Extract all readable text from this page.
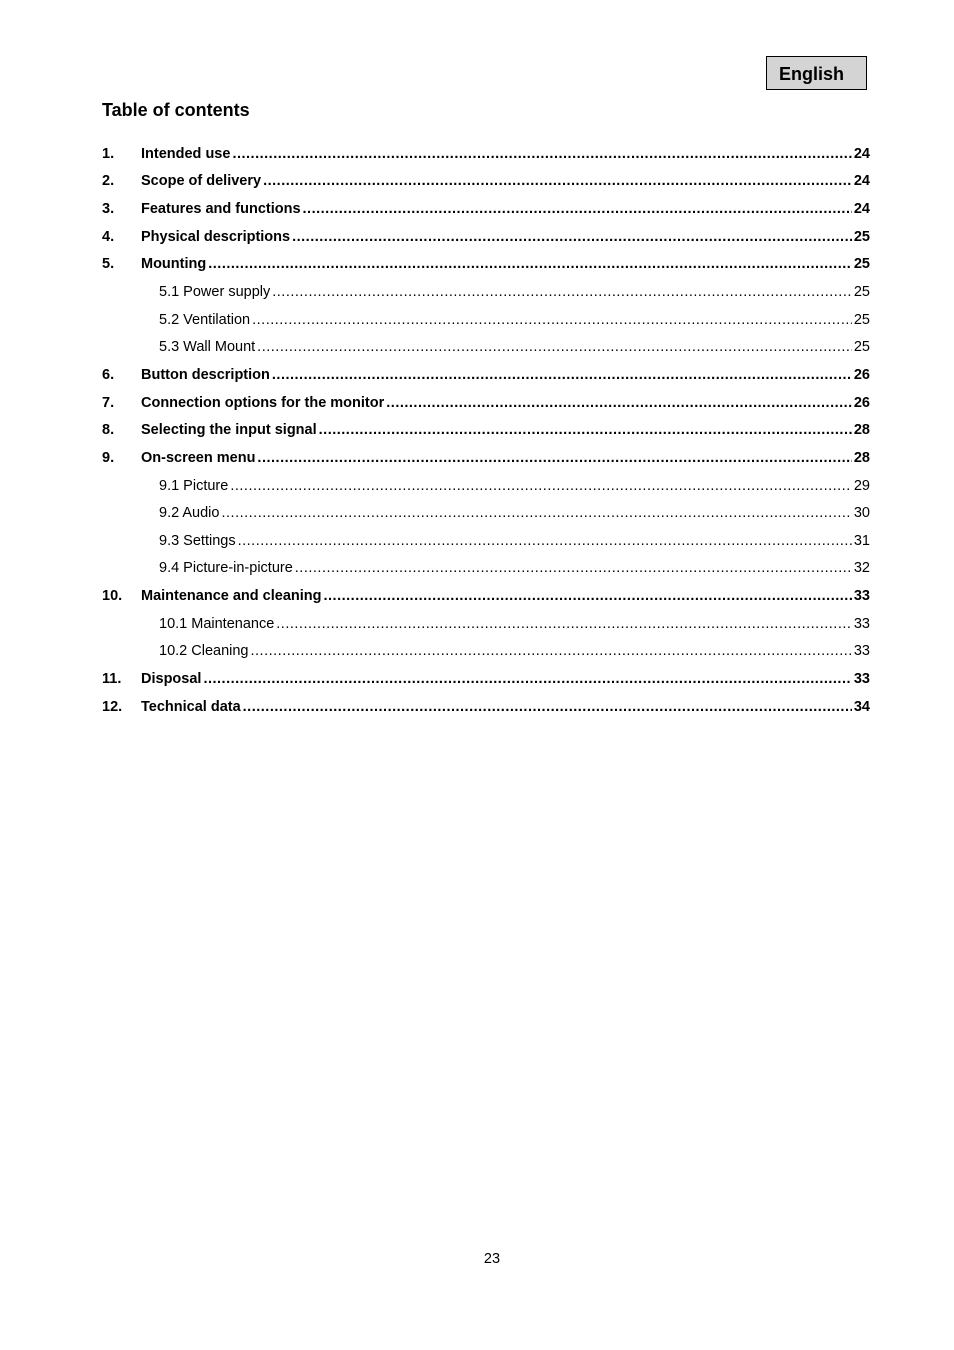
English
Table of contents
1.	Intended use .....	24
2.	Scope of delivery .....	24
3.	Features and functions .....	24
4.	Physical descriptions .....	25
5.	Mounting .....	25
5.1 Power supply .....	25
5.2 Ventilation .....	25
5.3 Wall Mount .....	25
6.	Button description .....	26
7.	Connection options for the monitor .....	26
8.	Selecting the input signal .....	28
9.	On-screen menu .....	28
9.1 Picture .....	29
9.2 Audio .....	30
9.3 Settings .....	31
9.4 Picture-in-picture .....	32
10.	Maintenance and cleaning .....	33
10.1 Maintenance .....	33
10.2 Cleaning .....	33
11.	Disposal .....	33
12.	Technical data .....	34
23
